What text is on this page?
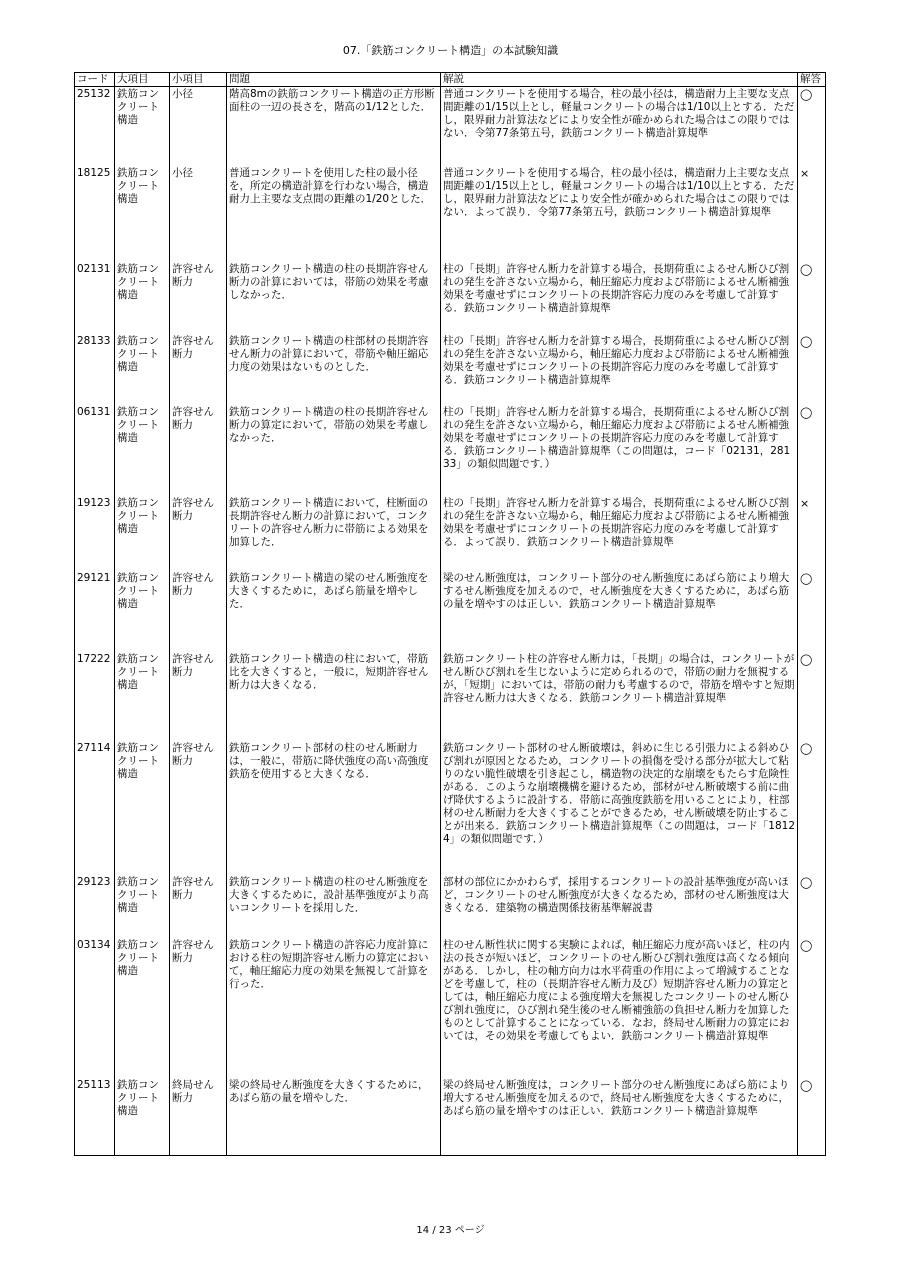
07.「鉄筋コンクリート構造」の本試験知識
コード	大項目	小項目	問題	解説	解答
25132	鉄筋コンクリート構造	小径	階高8mの鉄筋コンクリート構造の正方形断面柱の一辺の長さを，階高の1/12とした．	普通コンクリートを使用する場合，柱の最小径は，構造耐力上主要な支点間距離の1/15以上とし，軽量コンクリートの場合は1/10以上とする．ただし，限界耐力計算法などにより安全性が確かめられた場合はこの限りではない．令第77条第五号，鉄筋コンクリート構造計算規準	◯
18125	鉄筋コンクリート構造	小径	普通コンクリートを使用した柱の最小径を，所定の構造計算を行わない場合，構造耐力上主要な支点間の距離の1/20とした．	普通コンクリートを使用する場合，柱の最小径は，構造耐力上主要な支点間距離の1/15以上とし，軽量コンクリートの場合は1/10以上とする．ただし，限界耐力計算法などにより安全性が確かめられた場合はこの限りではない．よって誤り．令第77条第五号，鉄筋コンクリート構造計算規準	×
02131	鉄筋コンクリート構造	許容せん断力	鉄筋コンクリート構造の柱の長期許容せん断力の計算においては，帯筋の効果を考慮しなかった．	柱の「長期」許容せん断力を計算する場合，長期荷重によるせん断ひび割れの発生を許さない立場から，軸圧縮応力度および帯筋によるせん断補強効果を考慮せずにコンクリートの長期許容応力度のみを考慮して計算する．鉄筋コンクリート構造計算規準	◯
28133	鉄筋コンクリート構造	許容せん断力	鉄筋コンクリート構造の柱部材の長期許容せん断力の計算において，帯筋や軸圧縮応力度の効果はないものとした．	柱の「長期」許容せん断力を計算する場合，長期荷重によるせん断ひび割れの発生を許さない立場から，軸圧縮応力度および帯筋によるせん断補強効果を考慮せずにコンクリートの長期許容応力度のみを考慮して計算する．鉄筋コンクリート構造計算規準	◯
06131	鉄筋コンクリート構造	許容せん断力	鉄筋コンクリート構造の柱の長期許容せん断力の算定において，帯筋の効果を考慮しなかった．	柱の「長期」許容せん断力を計算する場合，長期荷重によるせん断ひび割れの発生を許さない立場から，軸圧縮応力度および帯筋によるせん断補強効果を考慮せずにコンクリートの長期許容応力度のみを考慮して計算する．鉄筋コンクリート構造計算規準（この問題は，コード「02131，28133」の類似問題です．）	◯
19123	鉄筋コンクリート構造	許容せん断力	鉄筋コンクリート構造において，柱断面の長期許容せん断力の計算において，コンクリートの許容せん断力に帯筋による効果を加算した．	柱の「長期」許容せん断力を計算する場合，長期荷重によるせん断ひび割れの発生を許さない立場から，軸圧縮応力度および帯筋によるせん断補強効果を考慮せずにコンクリートの長期許容応力度のみを考慮して計算する．よって誤り．鉄筋コンクリート構造計算規準	×
29121	鉄筋コンクリート構造	許容せん断力	鉄筋コンクリート構造の梁のせん断強度を大きくするために，あばら筋量を増やした．	梁のせん断強度は，コンクリート部分のせん断強度にあばら筋により増大するせん断強度を加えるので，せん断強度を大きくするために，あばら筋の量を増やすのは正しい．鉄筋コンクリート構造計算規準	◯
17222	鉄筋コンクリート構造	許容せん断力	鉄筋コンクリート構造の柱において，帯筋比を大きくすると，一般に，短期許容せん断力は大きくなる．	鉄筋コンクリート柱の許容せん断力は，「長期」の場合は，コンクリートがせん断ひび割れを生じないように定められるので，帯筋の耐力を無視するが，「短期」においては，帯筋の耐力も考慮するので，帯筋を増やすと短期許容せん断力は大きくなる．鉄筋コンクリート構造計算規準	◯
27114	鉄筋コンクリート構造	許容せん断力	鉄筋コンクリート部材の柱のせん断耐力は，一般に，帯筋に降伏強度の高い高強度鉄筋を使用すると大きくなる．	鉄筋コンクリート部材のせん断破壊は，斜めに生じる引張力による斜めひび割れが原因となるため，コンクリートの損傷を受ける部分が拡大して粘りのない脆性破壊を引き起こし，構造物の決定的な崩壊をもたらす危険性がある．このような崩壊機構を避けるため，部材がせん断破壊する前に曲げ降伏するように設計する．帯筋に高強度鉄筋を用いることにより，柱部材のせん断耐力を大きくすることができるため，せん断破壊を防止することが出来る．鉄筋コンクリート構造計算規準（この問題は，コード「18124」の類似問題です．）	◯
29123	鉄筋コンクリート構造	許容せん断力	鉄筋コンクリート構造の柱のせん断強度を大きくするために，設計基準強度がより高いコンクリートを採用した．	部材の部位にかかわらず，採用するコンクリートの設計基準強度が高いほど，コンクリートのせん断強度が大きくなるため，部材のせん断強度は大きくなる．建築物の構造関係技術基準解説書	◯
03134	鉄筋コンクリート構造	許容せん断力	鉄筋コンクリート構造の許容応力度計算における柱の短期許容せん断力の算定において，軸圧縮応力度の効果を無視して計算を行った．	柱のせん断性状に関する実験によれば，軸圧縮応力度が高いほど，柱の内法の長さが短いほど，コンクリートのせん断ひび割れ強度は高くなる傾向がある．しかし，柱の軸方向力は水平荷重の作用によって増減することなどを考慮して，柱の（長期許容せん断力及び）短期許容せん断力の算定としては，軸圧縮応力度による強度増大を無視したコンクリートのせん断ひび割れ強度に，ひび割れ発生後のせん断補強筋の負担せん断力を加算したものとして計算することになっている．なお，終局せん断耐力の算定においては，その効果を考慮してもよい．鉄筋コンクリート構造計算規準	◯
25113	鉄筋コンクリート構造	終局せん断力	梁の終局せん断強度を大きくするために，あばら筋の量を増やした．	梁の終局せん断強度は，コンクリート部分のせん断強度にあばら筋により増大するせん断強度を加えるので，終局せん断強度を大きくするために，あばら筋の量を増やすのは正しい．鉄筋コンクリート構造計算規準	◯
14 / 23 ページ
